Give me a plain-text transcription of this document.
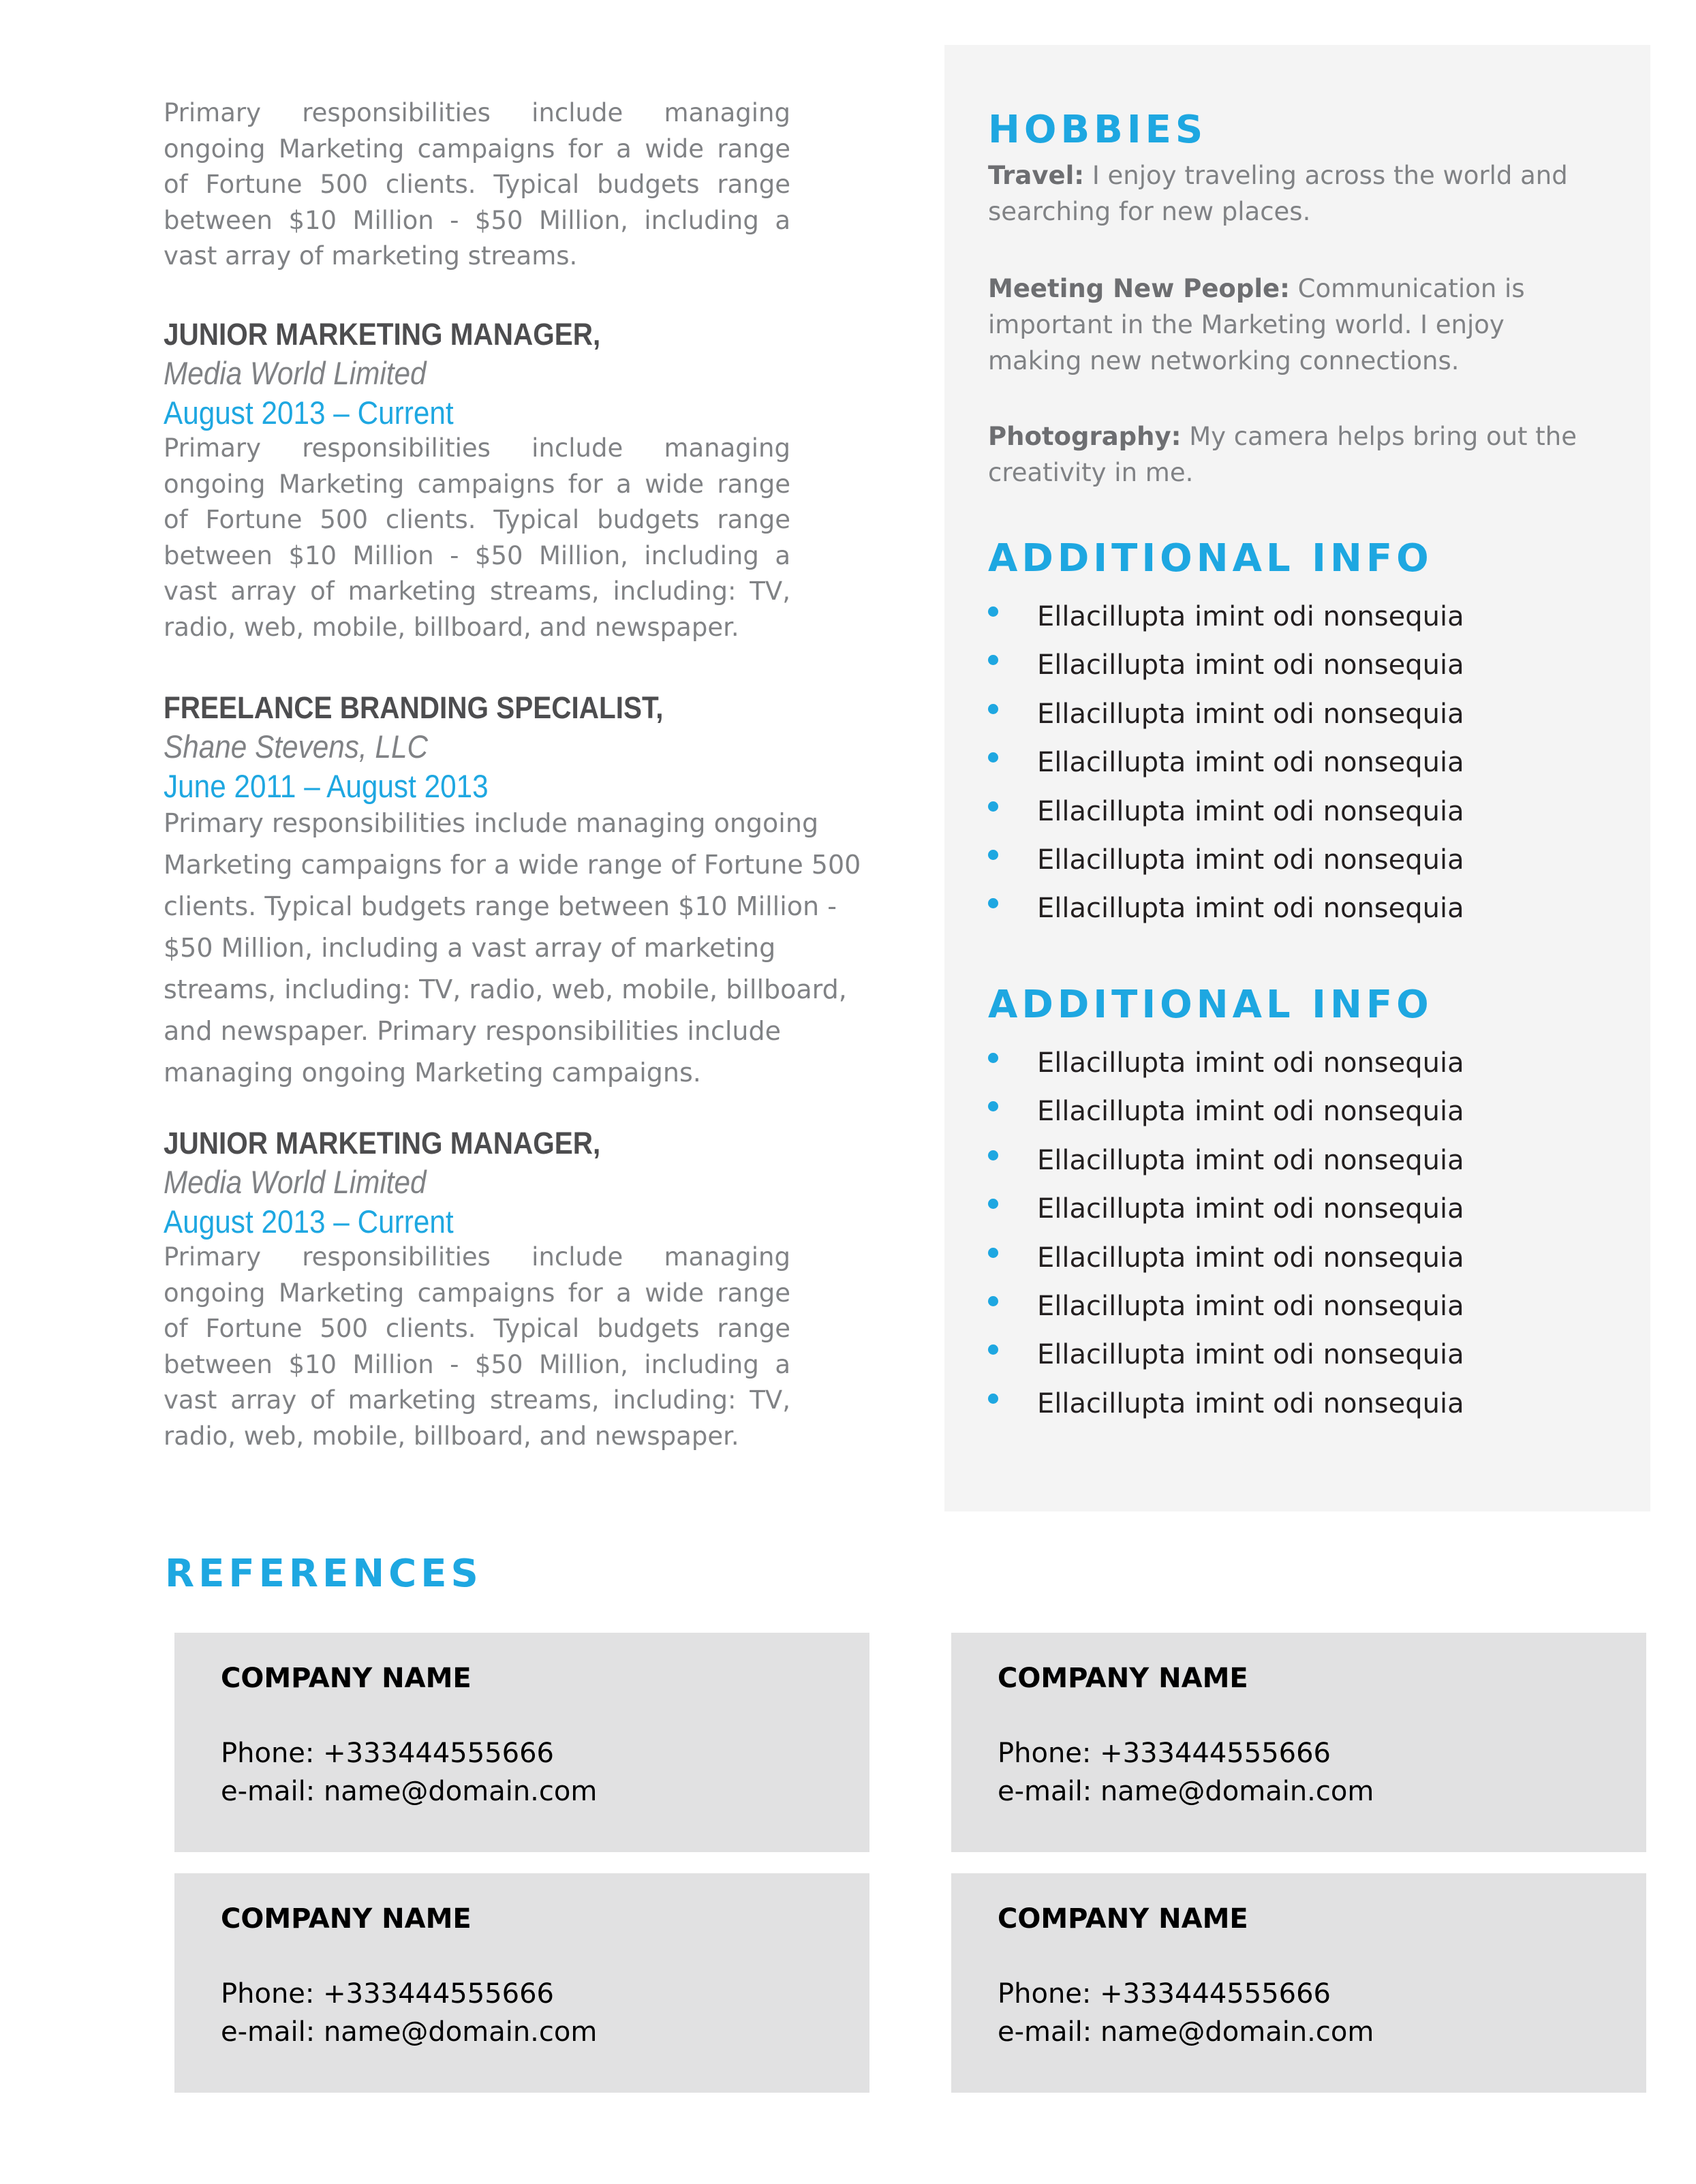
Primary responsibilities include managing ongoing Marketing campaigns for a wide range of Fortune 500 clients. Typical budgets range between $10 Million - $50 Million, including a vast array of marketing streams.

JUNIOR MARKETING MANAGER,

Media World Limited

August 2013 – Current

Primary responsibilities include managing ongoing Marketing campaigns for a wide range of Fortune 500 clients. Typical budgets range between $10 Million - $50 Million, including a vast array of marketing streams, including: TV, radio, web, mobile, billboard, and newspaper.

FREELANCE BRANDING SPECIALIST,

Shane Stevens, LLC

June 2011 – August 2013

Primary responsibilities include managing ongoing Marketing campaigns for a wide range of Fortune 500 clients. Typical budgets range between $10 Million - $50 Million, including a vast array of marketing streams, including: TV, radio, web, mobile, billboard, and newspaper. Primary responsibilities include managing ongoing Marketing campaigns.

JUNIOR MARKETING MANAGER,

Media World Limited

August 2013 – Current

Primary responsibilities include managing ongoing Marketing campaigns for a wide range of Fortune 500 clients. Typical budgets range between $10 Million - $50 Million, including a vast array of marketing streams, including: TV, radio, web, mobile, billboard, and newspaper.

HOBBIES

Travel: I enjoy traveling across the world and searching for new places.

Meeting New People: Communication is important in the Marketing world. I enjoy making new networking connections.

Photography: My camera helps bring out the creativity in me.

ADDITIONAL INFO
Ellacillupta imint odi nonsequia
Ellacillupta imint odi nonsequia
Ellacillupta imint odi nonsequia
Ellacillupta imint odi nonsequia
Ellacillupta imint odi nonsequia
Ellacillupta imint odi nonsequia
Ellacillupta imint odi nonsequia
ADDITIONAL INFO
Ellacillupta imint odi nonsequia
Ellacillupta imint odi nonsequia
Ellacillupta imint odi nonsequia
Ellacillupta imint odi nonsequia
Ellacillupta imint odi nonsequia
Ellacillupta imint odi nonsequia
Ellacillupta imint odi nonsequia
Ellacillupta imint odi nonsequia
REFERENCES
COMPANY NAME
Phone: +333444555666
e-mail: name@domain.com
COMPANY NAME
Phone: +333444555666
e-mail: name@domain.com
COMPANY NAME
Phone: +333444555666
e-mail: name@domain.com
COMPANY NAME
Phone: +333444555666
e-mail: name@domain.com
